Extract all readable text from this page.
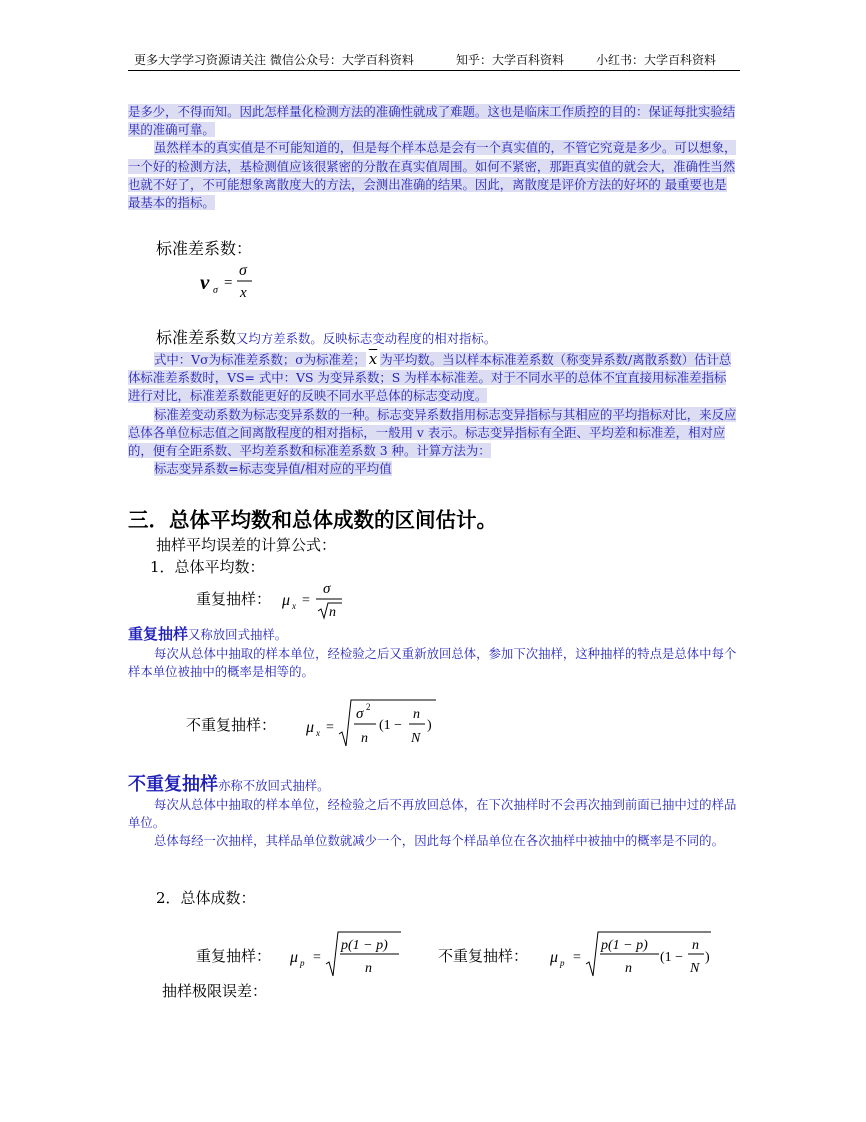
更多大学学习资源请关注 微信公众号：大学百科资料	知乎：大学百科资料	小红书：大学百科资料

是多少，不得而知。因此怎样量化检测方法的准确性就成了难题。这也是临床工作质控的目的：保证每批实验结果的准确可靠。

虽然样本的真实值是不可能知道的，但是每个样本总是会有一个真实值的，不管它究竟是多少。可以想象，一个好的检测方法，基检测值应该很紧密的分散在真实值周围。如何不紧密，那距真实值的就会大，准确性当然也就不好了，不可能想象离散度大的方法，会测出准确的结果。因此，离散度是评价方法的好坏的 最重要也是最基本的指标。

标准差系数：
v σ =
σ
x
标准差系数又均方差系数。反映标志变动程度的相对指标。

式中：Vσ为标准差系数；σ为标准差； $\overline{x}$ 为平均数。当以样本标准差系数（称变异系数/离散系数）估计总体标准差系数时，VS= 式中：VS 为变异系数；S 为样本标准差。对于不同水平的总体不宜直接用标准差指标进行对比，标准差系数能更好的反映不同水平总体的标志变动度。

标准差变动系数为标志变异系数的一种。标志变异系数指用标志变异指标与其相应的平均指标对比，来反应总体各单位标志值之间离散程度的相对指标，一般用 v 表示。标志变异指标有全距、平均差和标准差，相对应的，便有全距系数、平均差系数和标准差系数 3 种。计算方法为：

标志变异系数=标志变异值/相对应的平均值

三．总体平均数和总体成数的区间估计。
抽样平均误差的计算公式：
1．总体平均数：
重复抽样： μ x =
σ
n
重复抽样又称放回式抽样。

每次从总体中抽取的样本单位，经检验之后又重新放回总体，参加下次抽样，这种抽样的特点是总体中每个样本单位被抽中的概率是相等的。

不重复抽样： μ x =
σ 2
n
(1 −
n
N
)
不重复抽样亦称不放回式抽样。

每次从总体中抽取的样本单位，经检验之后不再放回总体，在下次抽样时不会再次抽到前面已抽中过的样品单位。

总体每经一次抽样，其样品单位数就减少一个，因此每个样品单位在各次抽样中被抽中的概率是不同的。

2．总体成数：
重复抽样： μ p =
p(1 − p)
n
不重复抽样： μ p =
p(1 − p)
n
(1 −
n
N
)
抽样极限误差：
